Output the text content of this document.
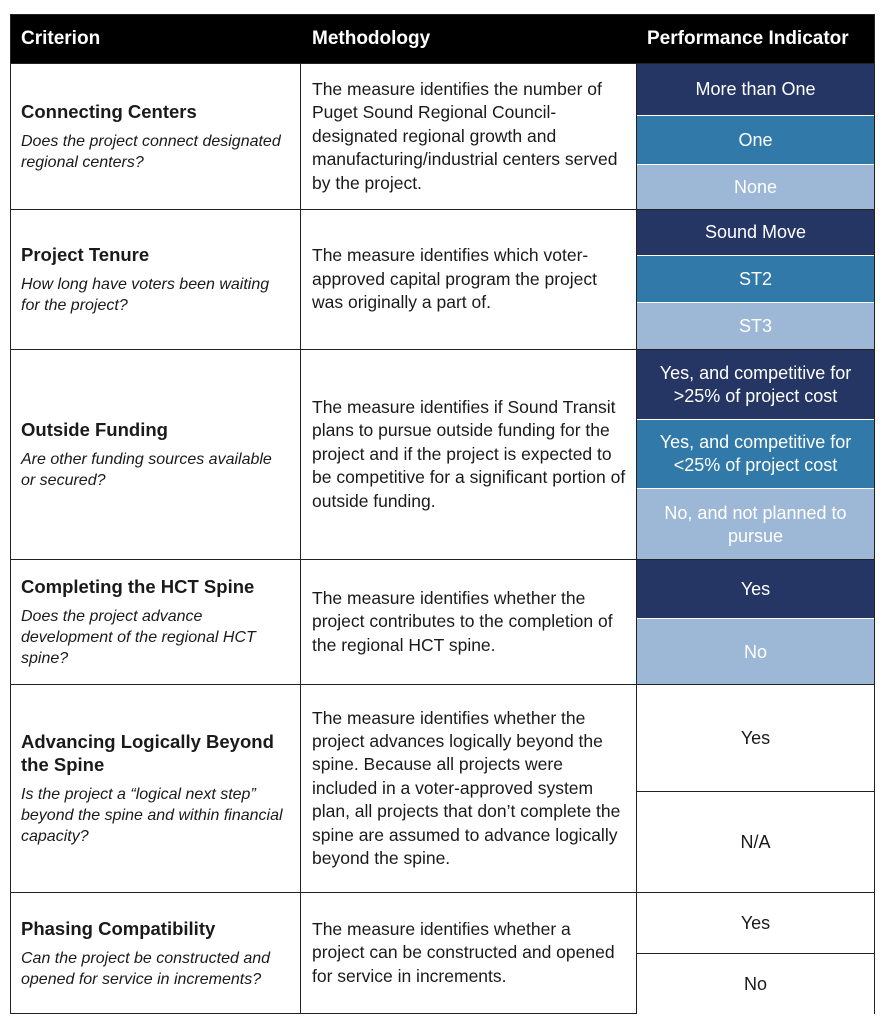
Criterion	Methodology	Performance Indicator
Connecting Centers
Does the project connect designated regional centers?
The measure identifies the number of Puget Sound Regional Council-designated regional growth and manufacturing/industrial centers served by the project.
More than One
One
None
Project Tenure
How long have voters been waiting for the project?
The measure identifies which voter-approved capital program the project was originally a part of.
Sound Move
ST2
ST3
Outside Funding
Are other funding sources available or secured?
The measure identifies if Sound Transit plans to pursue outside funding for the project and if the project is expected to be competitive for a significant portion of outside funding.
Yes, and competitive for >25% of project cost
Yes, and competitive for <25% of project cost
No, and not planned to pursue
Completing the HCT Spine
Does the project advance development of the regional HCT spine?
The measure identifies whether the project contributes to the completion of the regional HCT spine.
Yes
No
Advancing Logically Beyond the Spine
Is the project a “logical next step” beyond the spine and within financial capacity?
The measure identifies whether the project advances logically beyond the spine. Because all projects were included in a voter-approved system plan, all projects that don’t complete the spine are assumed to advance logically beyond the spine.
Yes
N/A
Phasing Compatibility
Can the project be constructed and opened for service in increments?
The measure identifies whether a project can be constructed and opened for service in increments.
Yes
No
